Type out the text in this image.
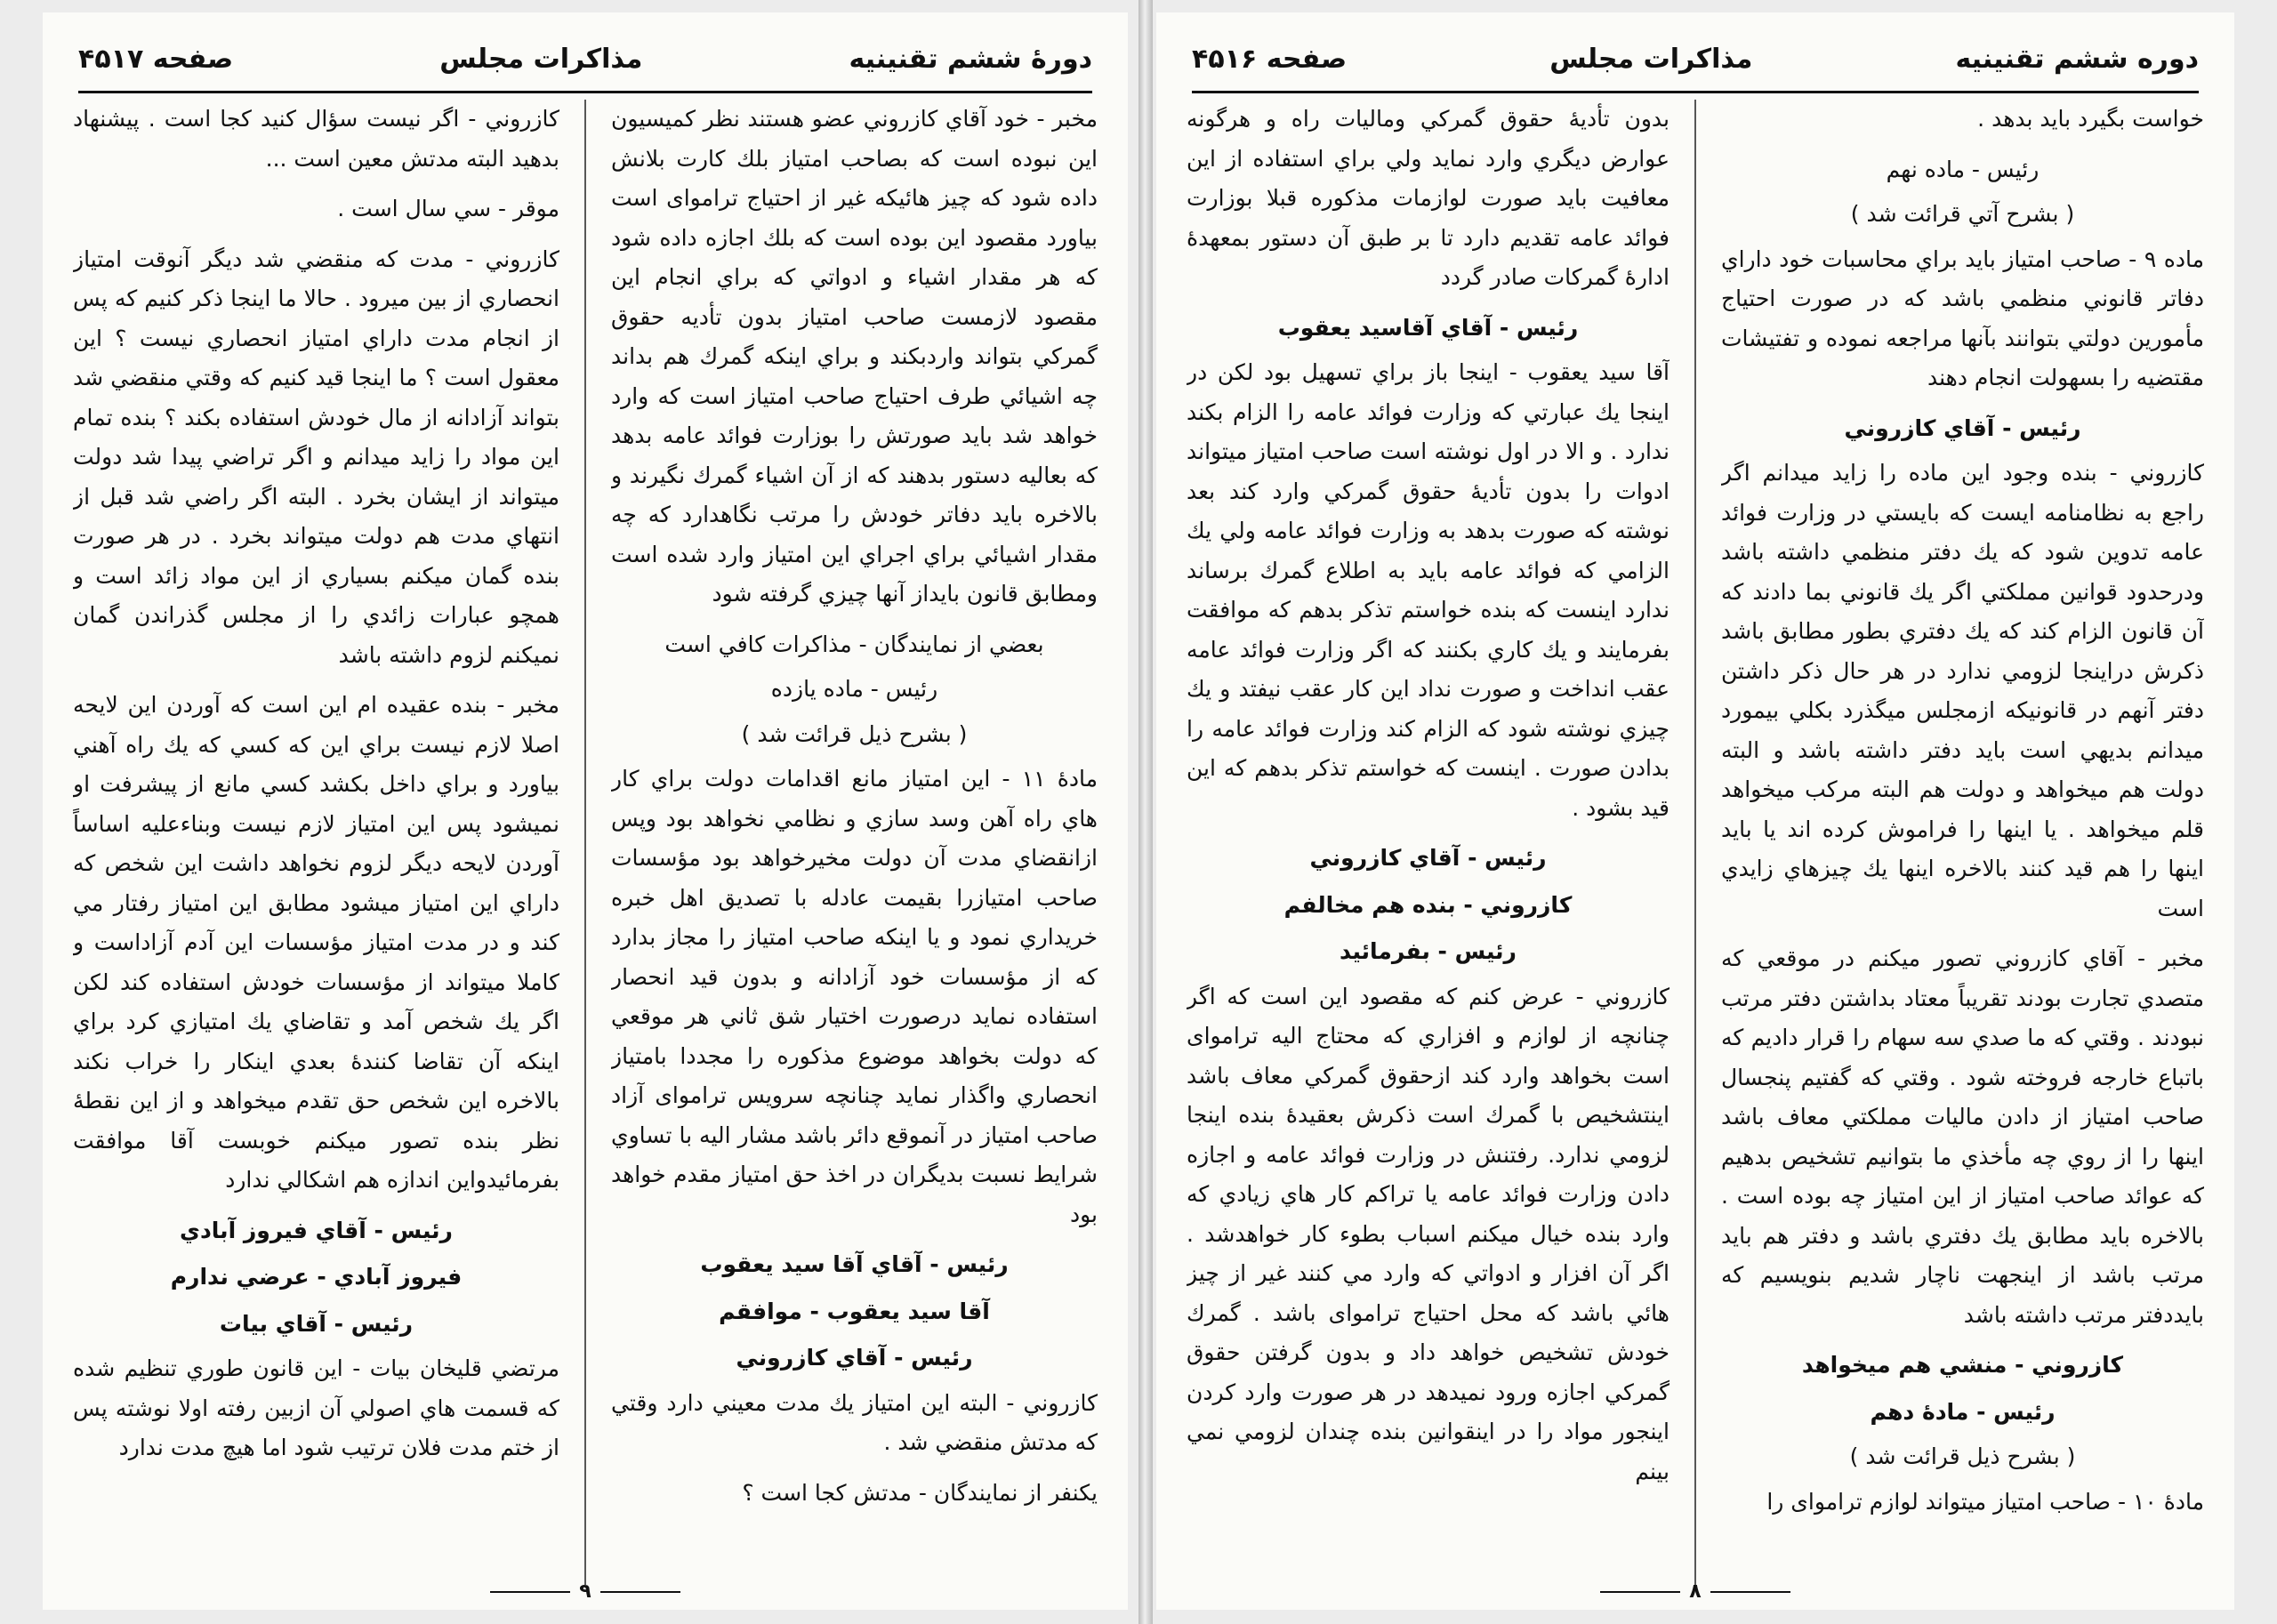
دورهٔ ششم تقنينيه
مذاكرات مجلس
صفحه ۴۵۱۷

مخبر - خود آقاي كازروني عضو هستند نظر كميسيون اين نبوده است كه بصاحب امتياز بلك كارت بلانش داده شود كه چيز هائيكه غير از احتياج تراموای است بياورد مقصود اين بوده است كه بلك اجازه داده شود كه هر مقدار اشياء و ادواتي كه براي انجام اين مقصود لازمست صاحب امتياز بدون تأديه حقوق گمركي بتواند واردبكند و براي اينكه گمرك هم بداند چه اشيائي طرف احتياج صاحب امتياز است كه وارد خواهد شد بايد صورتش را بوزارت فوائد عامه بدهد كه بعالیه دستور بدهند كه از آن اشياء گمرك نگيرند و بالاخره بايد دفاتر خودش را مرتب نگاهدارد كه چه مقدار اشيائي براي اجراي اين امتياز وارد شده است ومطابق قانون بايداز آنها چيزي گرفته شود

بعضي از نمايندگان - مذاكرات كافي است
رئيس - ماده يازده
( بشرح ذيل قرائت شد )

مادهٔ ۱۱ - اين امتياز مانع اقدامات دولت براي كار هاي راه آهن وسد سازي و نظامي نخواهد بود وپس ازانقضاي مدت آن دولت مخيرخواهد بود مؤسسات صاحب امتيازرا بقيمت عادله با تصديق اهل خبره خريداري نمود و يا اينكه صاحب امتياز را مجاز بدارد كه از مؤسسات خود آزادانه و بدون قيد انحصار استفاده نمايد درصورت اختيار شق ثاني هر موقعي كه دولت بخواهد موضوع مذكوره را مجددا بامتياز انحصاري واگذار نمايد چنانچه سرويس تراموای آزاد صاحب امتياز در آنموقع دائر باشد مشار اليه با تساوي شرايط نسبت بديگران در اخذ حق امتياز مقدم خواهد بود

رئيس - آقاي آقا سيد يعقوب
آقا سيد يعقوب - موافقم
رئيس - آقاي كازروني

كازروني - البته اين امتياز يك مدت معيني دارد وقتي كه مدتش منقضي شد .

يكنفر از نمايندگان - مدتش كجا است ؟

كازروني - اگر نيست سؤال كنيد كجا است . پيشنهاد بدهيد البته مدتش معين است ...

موقر - سي سال است .

كازروني - مدت كه منقضي شد ديگر آنوقت امتياز انحصاري از بين ميرود . حالا ما اينجا ذكر كنيم كه پس از انجام مدت داراي امتياز انحصاري نيست ؟ اين معقول است ؟ ما اينجا قيد كنيم كه وقتي منقضي شد بتواند آزادانه از مال خودش استفاده بكند ؟ بنده تمام اين مواد را زايد ميدانم و اگر تراضي پيدا شد دولت ميتواند از ايشان بخرد . البته اگر راضي شد قبل از انتهاي مدت هم دولت ميتواند بخرد . در هر صورت بنده گمان ميكنم بسياري از اين مواد زائد است و همچو عبارات زائدي را از مجلس گذراندن گمان نميكنم لزوم داشته باشد

مخبر - بنده عقيده ام اين است كه آوردن اين لايحه اصلا لازم نيست براي اين كه كسي كه يك راه آهني بياورد و براي داخل بكشد كسي مانع از پيشرفت او نميشود پس اين امتياز لازم نيست وبناءعليه اساساً آوردن لايحه ديگر لزوم نخواهد داشت اين شخص كه داراي اين امتياز ميشود مطابق اين امتياز رفتار مي كند و در مدت امتياز مؤسسات اين آدم آزاداست و كاملا ميتواند از مؤسسات خودش استفاده كند لكن اگر يك شخص آمد و تقاضاي يك امتيازي كرد براي اينكه آن تقاضا كنندهٔ بعدي اينكار را خراب نكند بالاخره اين شخص حق تقدم ميخواهد و از اين نقطهٔ نظر بنده تصور ميكنم خوبست آقا موافقت بفرمائيدواين اندازه هم اشكالي ندارد

رئيس - آقاي فيروز آبادي
فيروز آبادي - عرضي ندارم
رئيس - آقاي بيات

مرتضي قليخان بيات - اين قانون طوري تنظيم شده كه قسمت هاي اصولي آن ازبين رفته اولا نوشته پس از ختم مدت فلان ترتيب شود اما هيچ مدت ندارد

۹
دوره ششم تقنينيه
مذاكرات مجلس
صفحه ۴۵۱۶

خواست بگيرد بايد بدهد .

رئيس - ماده نهم
( بشرح آتي قرائت شد )

ماده ۹ - صاحب امتياز بايد براي محاسبات خود داراي دفاتر قانوني منظمي باشد كه در صورت احتياج مأمورين دولتي بتوانند بآنها مراجعه نموده و تفتيشات مقتضيه را بسهولت انجام دهند

رئيس - آقاي كازروني

كازروني - بنده وجود اين ماده را زايد ميدانم اگر راجع به نظامنامه ايست كه بايستي در وزارت فوائد عامه تدوين شود كه يك دفتر منظمي داشته باشد ودرحدود قوانين مملكتي اگر يك قانوني بما دادند كه آن قانون الزام كند كه يك دفتري بطور مطابق باشد ذكرش دراينجا لزومي ندارد در هر حال ذكر داشتن دفتر آنهم در قانونيكه ازمجلس ميگذرد بكلي بيمورد ميدانم بديهي است بايد دفتر داشته باشد و البته دولت هم ميخواهد و دولت هم البته مركب ميخواهد قلم ميخواهد . يا اينها را فراموش كرده اند يا بايد اينها را هم قيد كنند بالاخره اينها يك چيزهاي زايدي است

مخبر - آقاي كازروني تصور ميكنم در موقعي كه متصدي تجارت بودند تقريباً معتاد بداشتن دفتر مرتب نبودند . وقتي كه ما صدي سه سهام را قرار داديم كه باتباع خارجه فروخته شود . وقتي كه گفتيم پنجسال صاحب امتياز از دادن ماليات مملكتي معاف باشد اينها را از روي چه مأخذي ما بتوانيم تشخيص بدهيم كه عوائد صاحب امتياز از اين امتياز چه بوده است . بالاخره بايد مطابق يك دفتري باشد و دفتر هم بايد مرتب باشد از اينجهت ناچار شديم بنويسيم كه بايددفتر مرتب داشته باشد

كازروني - منشي هم ميخواهد
رئيس - مادهٔ دهم
( بشرح ذيل قرائت شد )

مادهٔ ۱۰ - صاحب امتياز ميتواند لوازم تراموای را

بدون تأديهٔ حقوق گمركي وماليات راه و هرگونه عوارض ديگري وارد نمايد ولي براي استفاده از اين معافيت بايد صورت لوازمات مذكوره قبلا بوزارت فوائد عامه تقديم دارد تا بر طبق آن دستور بمعهدهٔ ادارهٔ گمركات صادر گردد

رئيس - آقاي آقاسيد يعقوب

آقا سيد يعقوب - اينجا باز براي تسهيل بود لكن در اينجا يك عبارتي كه وزارت فوائد عامه را الزام بكند ندارد . و الا در اول نوشته است صاحب امتياز ميتواند ادوات را بدون تأديهٔ حقوق گمركي وارد كند بعد نوشته كه صورت بدهد به وزارت فوائد عامه ولي يك الزامي كه فوائد عامه بايد به اطلاع گمرك برساند ندارد اينست كه بنده خواستم تذكر بدهم كه موافقت بفرمايند و يك كاري بكنند كه اگر وزارت فوائد عامه عقب انداخت و صورت نداد اين كار عقب نيفتد و يك چيزي نوشته شود كه الزام كند وزارت فوائد عامه را بدادن صورت . اينست كه خواستم تذكر بدهم كه اين قيد بشود .

رئيس - آقاي كازروني
كازروني - بنده هم مخالفم
رئيس - بفرمائيد

كازروني - عرض كنم كه مقصود اين است كه اگر چنانچه از لوازم و افزاري كه محتاج اليه تراموای است بخواهد وارد كند ازحقوق گمركي معاف باشد اينتشخيص با گمرك است ذكرش بعقيدهٔ بنده اينجا لزومي ندارد. رفتنش در وزارت فوائد عامه و اجازه دادن وزارت فوائد عامه يا تراكم كار هاي زيادي كه وارد بنده خيال ميكنم اسباب بطوء كار خواهدشد . اگر آن افزار و ادواتي كه وارد مي كنند غير از چيز هائي باشد كه محل احتياج تراموای باشد . گمرك خودش تشخيص خواهد داد و بدون گرفتن حقوق گمركي اجازه ورود نميدهد در هر صورت وارد كردن اينجور مواد را در اينقوانين بنده چندان لزومي نمي بينم

۸
